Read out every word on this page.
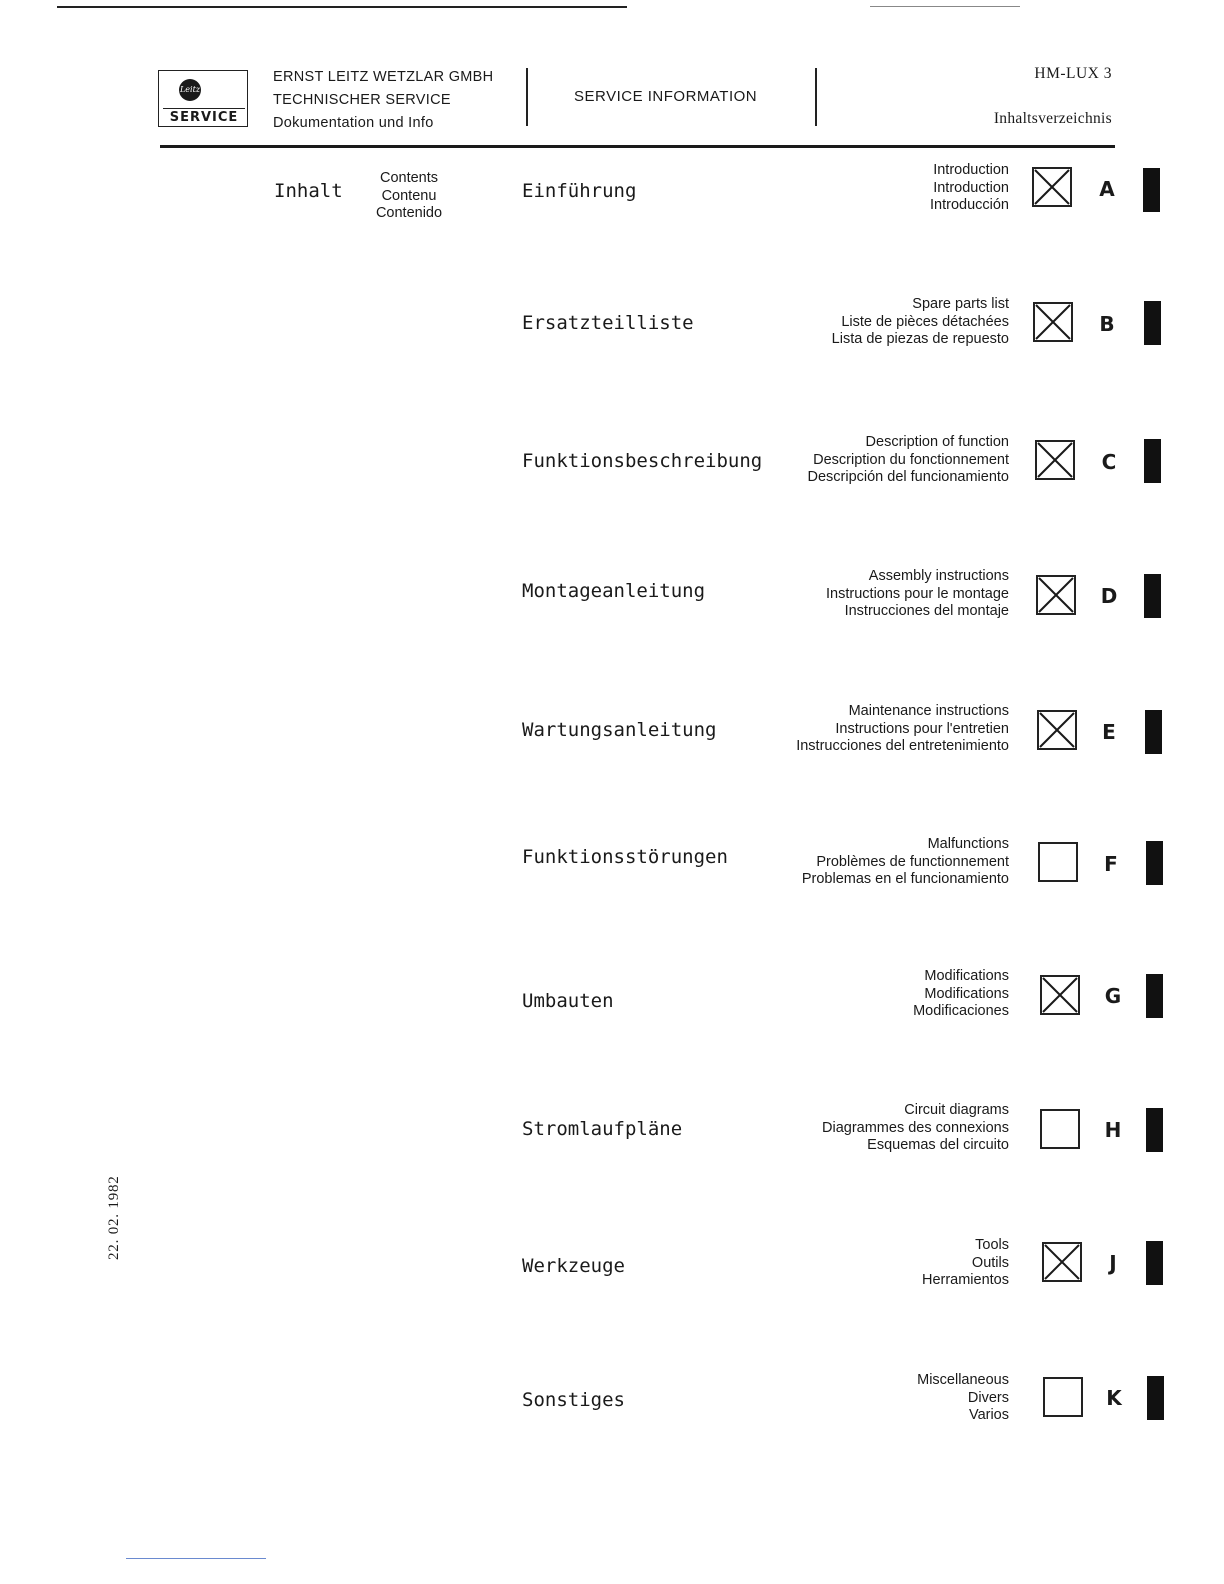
Leitz
SERVICE
ERNST LEITZ WETZLAR GMBH
TECHNISCHER SERVICE
Dokumentation und Info
SERVICE INFORMATION
HM-LUX 3
Inhaltsverzeichnis
Inhalt
Contents
Contenu
Contenido
Einführung
Introduction
Introduction
Introducción
A
Ersatzteilliste
Spare parts list
Liste de pièces détachées
Lista de piezas de repuesto
B
Funktionsbeschreibung
Description of function
Description du fonctionnement
Descripción del funcionamiento
C
Montageanleitung
Assembly instructions
Instructions pour le montage
Instrucciones del montaje
D
Wartungsanleitung
Maintenance instructions
Instructions pour l'entretien
Instrucciones del entretenimiento
E
Funktionsstörungen
Malfunctions
Problèmes de functionnement
Problemas en el funcionamiento
F
Umbauten
Modifications
Modifications
Modificaciones
G
Stromlaufpläne
Circuit diagrams
Diagrammes des connexions
Esquemas del circuito
H
Werkzeuge
Tools
Outils
Herramientos
J
Sonstiges
Miscellaneous
Divers
Varios
K
22. 02. 1982
